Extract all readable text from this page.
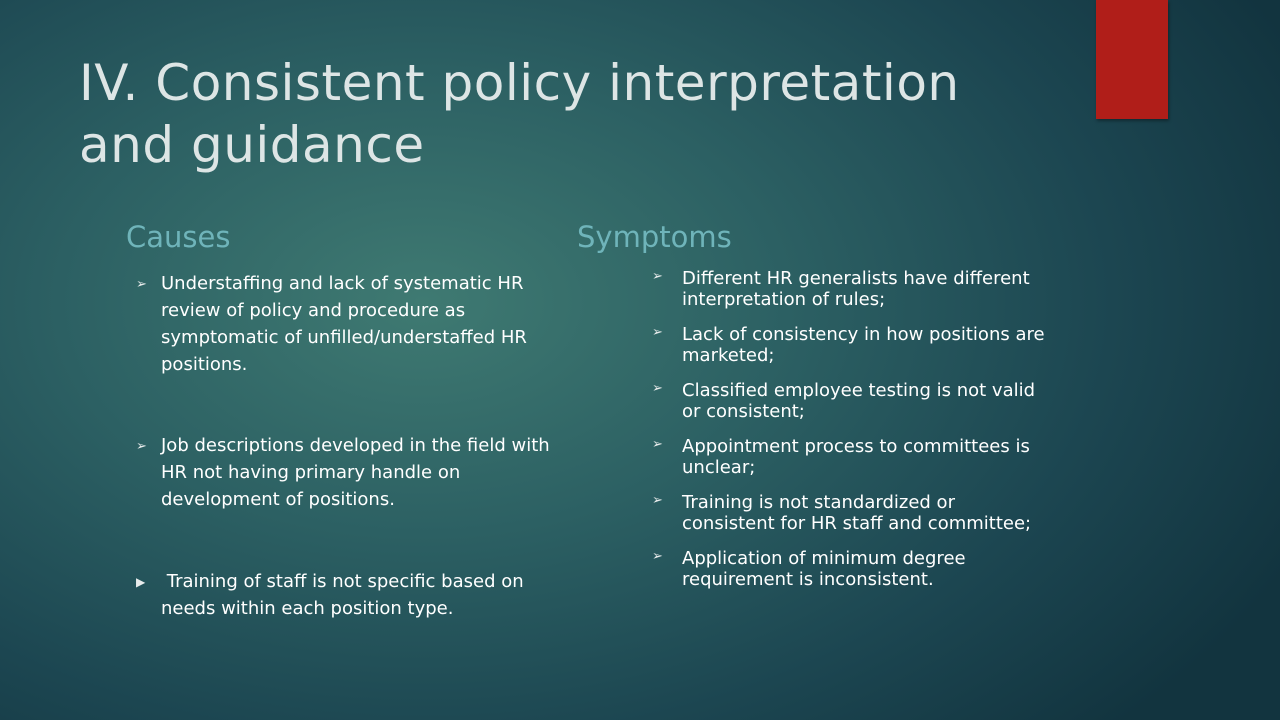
IV. Consistent policy interpretation and guidance
Causes	Symptoms
➢ Understaffing and lack of systematic HR review of policy and procedure as symptomatic of unfilled/understaffed HR positions.
➢ Job descriptions developed in the field with HR not having primary handle on development of positions.
▶ Training of staff is not specific based on needs within each position type.
➢ Different HR generalists have different interpretation of rules;
➢ Lack of consistency in how positions are marketed;
➢ Classified employee testing is not valid or consistent;
➢ Appointment process to committees is unclear;
➢ Training is not standardized or consistent for HR staff and committee;
➢ Application of minimum degree requirement is inconsistent.
